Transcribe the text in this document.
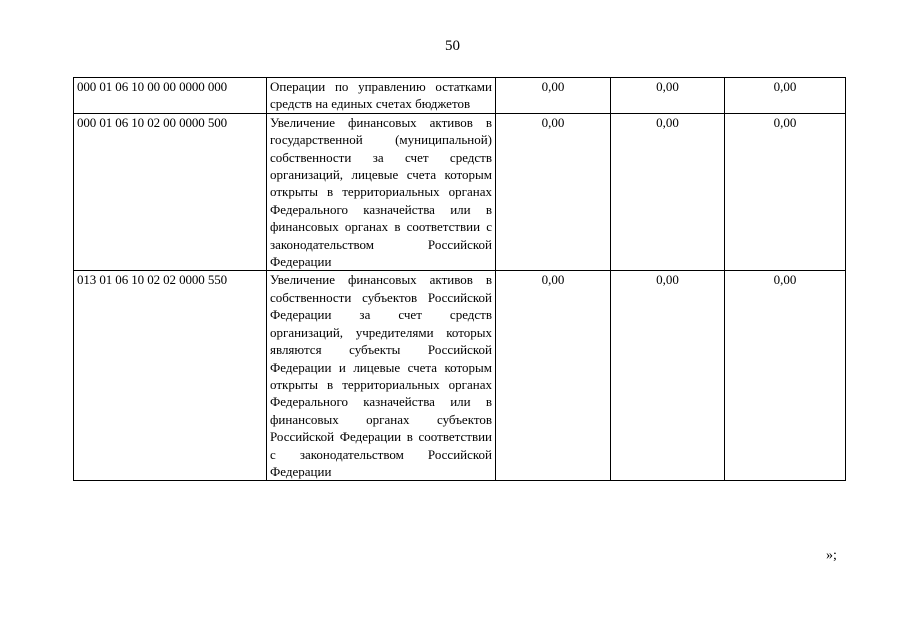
50
000 01 06 10 00 00 0000 000	Операции по управлению остатками средств на единых счетах бюджетов	0,00	0,00	0,00
000 01 06 10 02 00 0000 500	Увеличение финансовых активов в государственной (муниципальной) собственности за счет средств организаций, лицевые счета которым открыты в территориальных органах Федерального казначейства или в финансовых органах в соответствии с законодательством Российской Федерации	0,00	0,00	0,00
013 01 06 10 02 02 0000 550	Увеличение финансовых активов в собственности субъектов Российской Федерации за счет средств организаций, учредителями которых являются субъекты Российской Федерации и лицевые счета которым открыты в территориальных органах Федерального казначейства или в финансовых органах субъектов Российской Федерации в соответствии с законодательством Российской Федерации	0,00	0,00	0,00
»;
